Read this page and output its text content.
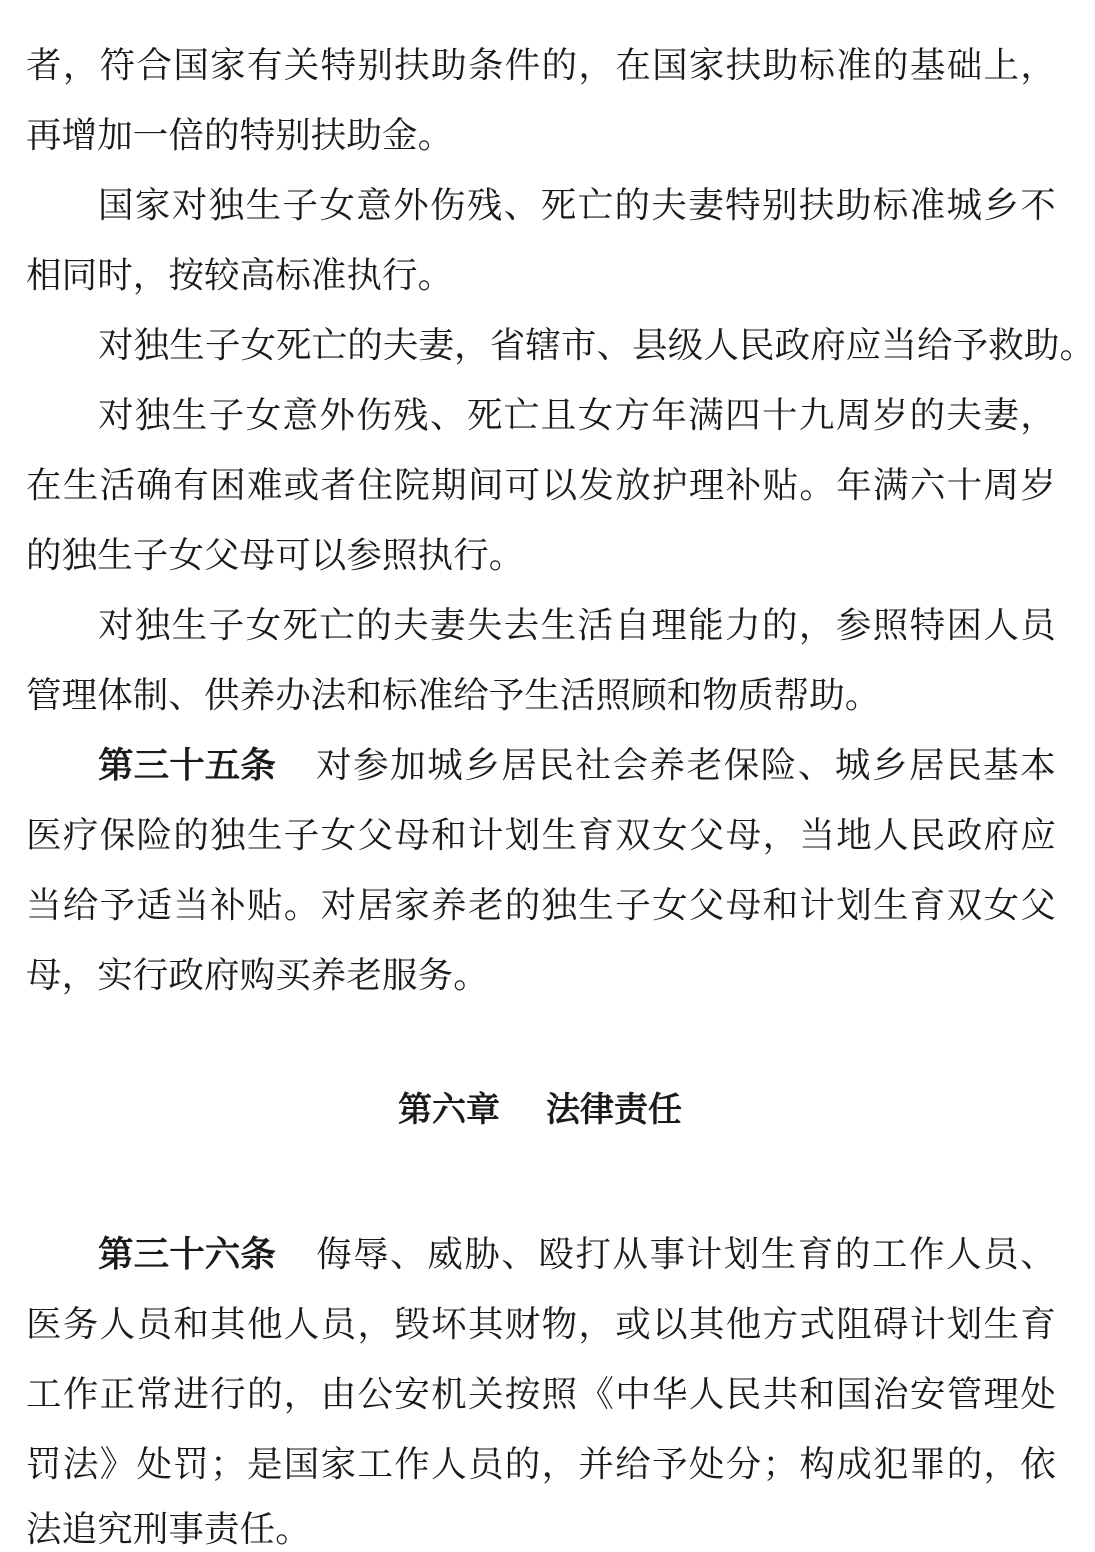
者 ， 符 合 国 家 有 关 特 别 扶 助 条 件 的 ， 在 国 家 扶 助 标 准 的 基 础 上 ，
再增加一倍的特别扶助金。
国 家 对 独 生 子 女 意 外 伤 残 、 死 亡 的 夫 妻 特 别 扶 助 标 准 城 乡 不
相同时，按较高标准执行。
对 独 生 子 女 死 亡 的 夫 妻 ， 省 辖 市 、 县 级 人 民 政 府 应 当 给 予 救 助 。
对 独 生 子 女 意 外 伤 残 、 死 亡 且 女 方 年 满 四 十 九 周 岁 的 夫 妻 ，
在 生 活 确 有 困 难 或 者 住 院 期 间 可 以 发 放 护 理 补 贴 。 年 满 六 十 周 岁
的独生子女父母可以参照执行。
对 独 生 子 女 死 亡 的 夫 妻 失 去 生 活 自 理 能 力 的 ， 参 照 特 困 人 员
管理体制、供养办法和标准给予生活照顾和物质帮助。
第三十五条 对 参 加 城 乡 居 民 社 会 养 老 保 险 、 城 乡 居 民 基 本
医 疗 保 险 的 独 生 子 女 父 母 和 计 划 生 育 双 女 父 母 ， 当 地 人 民 政 府 应
当 给 予 适 当 补 贴 。 对 居 家 养 老 的 独 生 子 女 父 母 和 计 划 生 育 双 女 父
母，实行政府购买养老服务。
第六章 法律责任
第三十六条 侮 辱 、 威 胁 、 殴 打 从 事 计 划 生 育 的 工 作 人 员 、
医 务 人 员 和 其 他 人 员 ， 毁 坏 其 财 物 ， 或 以 其 他 方 式 阻 碍 计 划 生 育
工 作 正 常 进 行 的 ， 由 公 安 机 关 按 照 《 中 华 人 民 共 和 国 治 安 管 理 处
罚 法 》 处 罚 ； 是 国 家 工 作 人 员 的 ， 并 给 予 处 分 ； 构 成 犯 罪 的 ， 依
法追究刑事责任。
